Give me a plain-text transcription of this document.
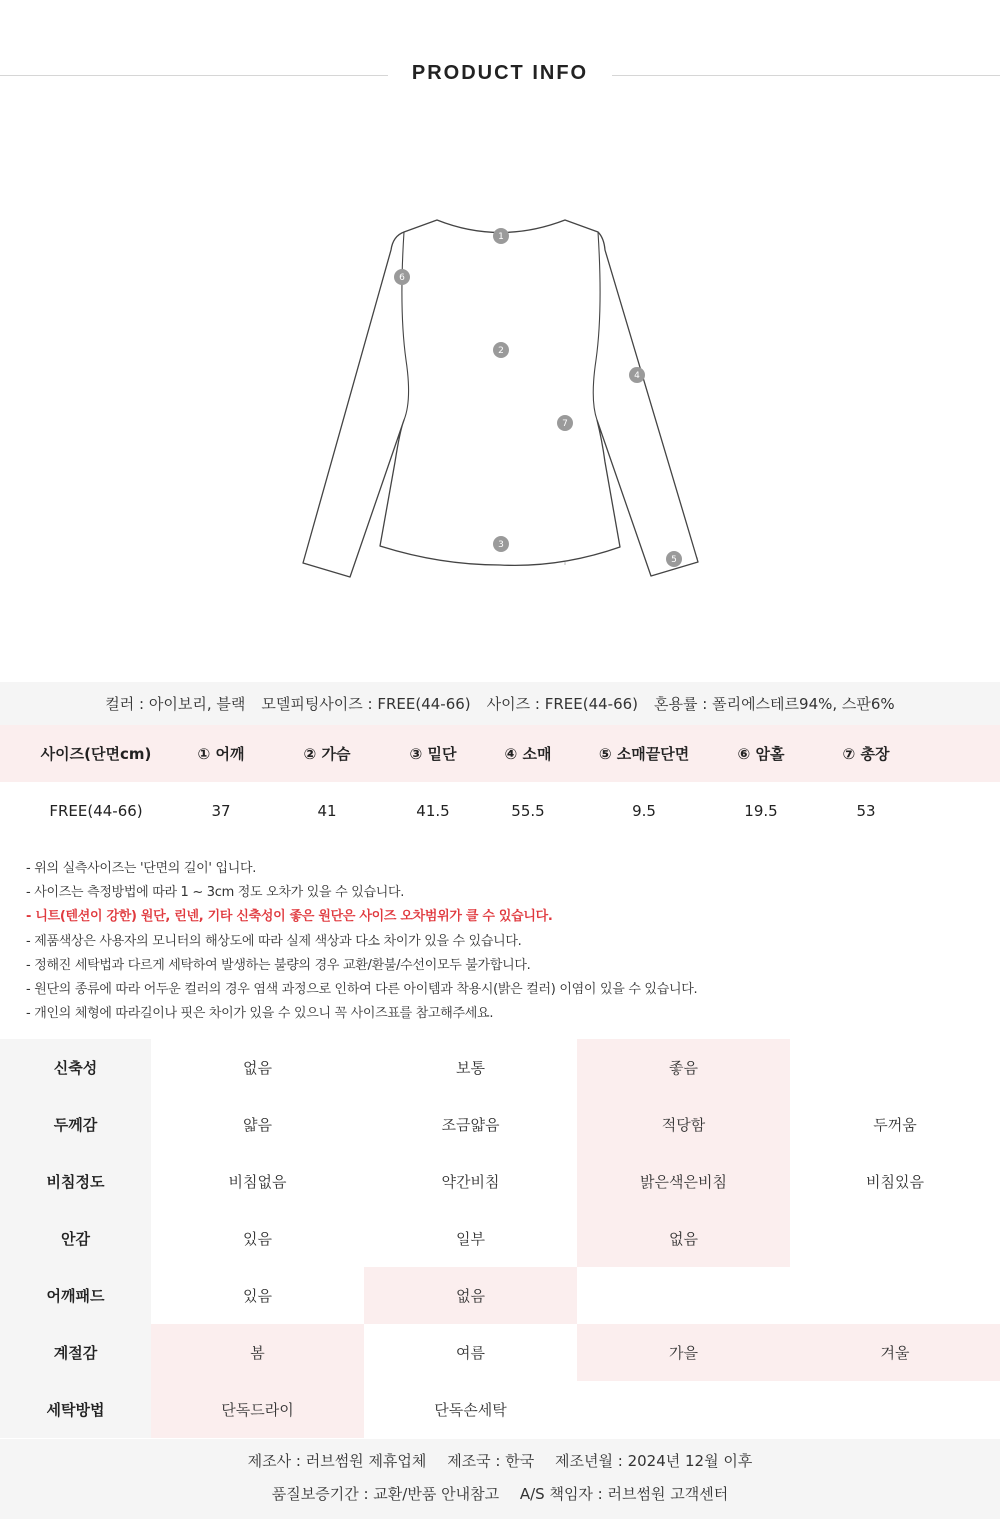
PRODUCT INFO
1
2
3
4
5
6
7
컬러 : 아이보리, 블랙 모델피팅사이즈 : FREE(44-66) 사이즈 : FREE(44-66) 혼용률 : 폴리에스테르94%, 스판6%
사이즈(단면cm)	① 어깨	② 가슴	③ 밑단	④ 소매	⑤ 소매끝단면	⑥ 암홀	⑦ 총장
FREE(44-66)	37	41	41.5	55.5	9.5	19.5	53
- 위의 실측사이즈는 '단면의 길이' 입니다.
- 사이즈는 측정방법에 따라 1 ~ 3cm 정도 오차가 있을 수 있습니다.
- 니트(텐션이 강한) 원단, 린넨, 기타 신축성이 좋은 원단은 사이즈 오차범위가 클 수 있습니다.
- 제품색상은 사용자의 모니터의 해상도에 따라 실제 색상과 다소 차이가 있을 수 있습니다.
- 정해진 세탁법과 다르게 세탁하여 발생하는 불량의 경우 교환/환불/수선이모두 불가합니다.
- 원단의 종류에 따라 어두운 컬러의 경우 염색 과정으로 인하여 다른 아이템과 착용시(밝은 컬러) 이염이 있을 수 있습니다.
- 개인의 체형에 따라길이나 핏은 차이가 있을 수 있으니 꼭 사이즈표를 참고해주세요.
신축성	없음	보통	좋음
두께감	얇음	조금얇음	적당함	두꺼움
비침정도	비침없음	약간비침	밝은색은비침	비침있음
안감	있음	일부	없음
어깨패드	있음	없음
계절감	봄	여름	가을	겨울
세탁방법	단독드라이	단독손세탁
제조사 : 러브썸원 제휴업체 제조국 : 한국 제조년월 : 2024년 12월 이후
품질보증기간 : 교환/반품 안내참고 A/S 책임자 : 러브썸원 고객센터
